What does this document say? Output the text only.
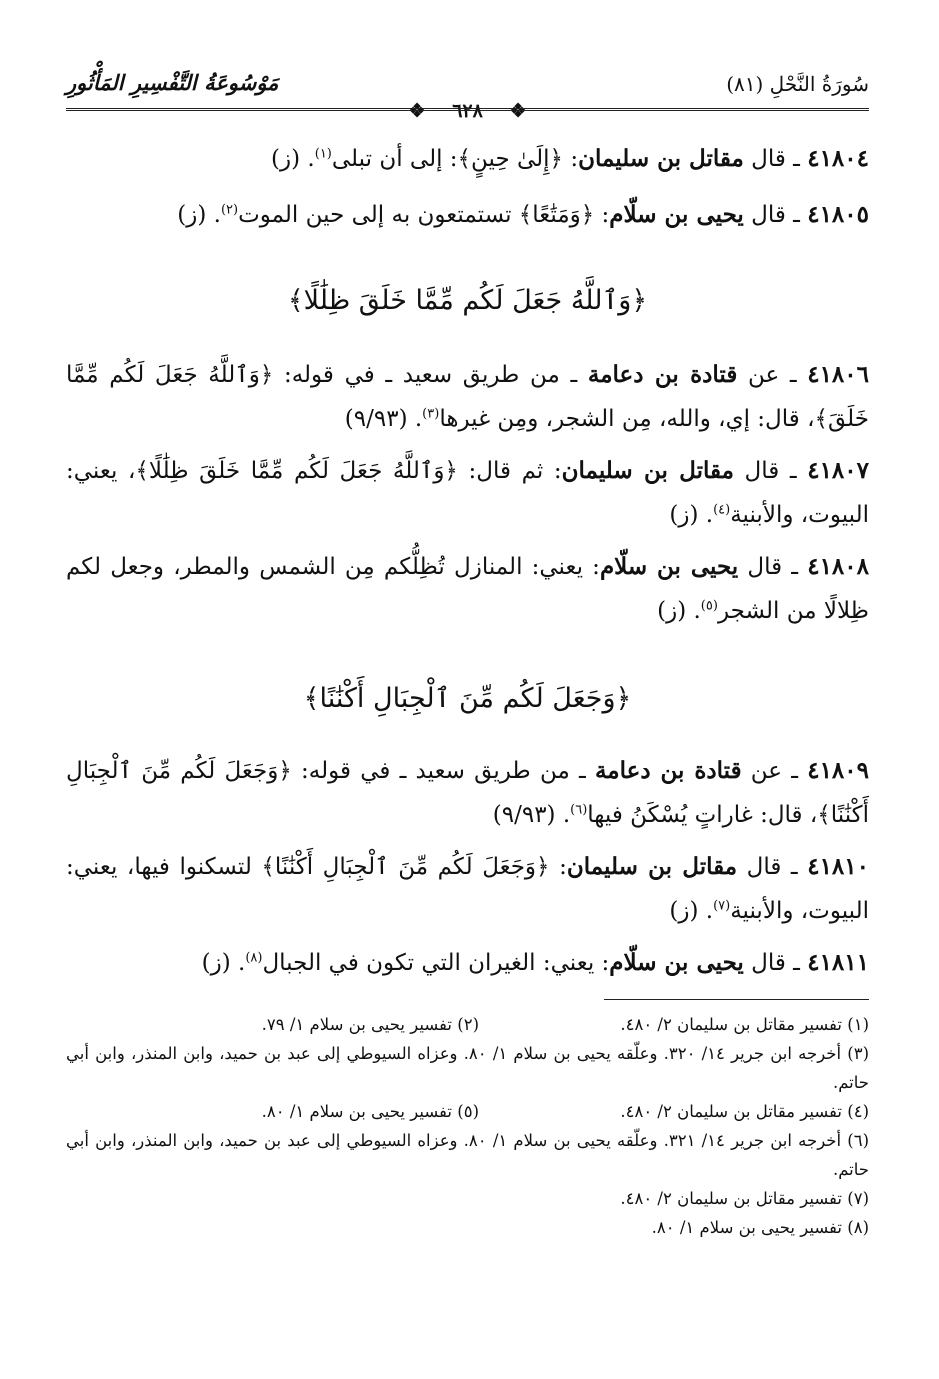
سُورَةُ النَّحْلِ (٨١)
مَوْسُوعَةُ التَّفْسِيرِ المَأْثُورِ
❖ ٦٢٨ ❖

٤١٨٠٤ ـ قال مقاتل بن سليمان: ﴿إِلَىٰ حِينٍ﴾: إلى أن تبلى$^{(١)}$. (ز)

٤١٨٠٥ ـ قال يحيى بن سلّام: ﴿وَمَتَٰعًا﴾ تستمتعون به إلى حين الموت$^{(٢)}$. (ز)

﴿وَٱللَّهُ جَعَلَ لَكُم مِّمَّا خَلَقَ ظِلَٰلًا﴾

٤١٨٠٦ ـ عن قتادة بن دعامة ـ من طريق سعيد ـ في قوله: ﴿وَٱللَّهُ جَعَلَ لَكُم مِّمَّا خَلَقَ﴾، قال: إي، والله، مِن الشجر، ومِن غيرها$^{(٣)}$. (٩/٩٣)

٤١٨٠٧ ـ قال مقاتل بن سليمان: ثم قال: ﴿وَٱللَّهُ جَعَلَ لَكُم مِّمَّا خَلَقَ ظِلَٰلًا﴾، يعني: البيوت، والأبنية$^{(٤)}$. (ز)

٤١٨٠٨ ـ قال يحيى بن سلّام: يعني: المنازل تُظِلُّكم مِن الشمس والمطر، وجعل لكم ظِلالًا من الشجر$^{(٥)}$. (ز)

﴿وَجَعَلَ لَكُم مِّنَ ٱلْجِبَالِ أَكْنَٰنًا﴾

٤١٨٠٩ ـ عن قتادة بن دعامة ـ من طريق سعيد ـ في قوله: ﴿وَجَعَلَ لَكُم مِّنَ ٱلْجِبَالِ أَكْنَٰنًا﴾، قال: غاراتٍ يُسْكَنُ فيها$^{(٦)}$. (٩/٩٣)

٤١٨١٠ ـ قال مقاتل بن سليمان: ﴿وَجَعَلَ لَكُم مِّنَ ٱلْجِبَالِ أَكْنَٰنًا﴾ لتسكنوا فيها، يعني: البيوت، والأبنية$^{(٧)}$. (ز)

٤١٨١١ ـ قال يحيى بن سلّام: يعني: الغيران التي تكون في الجبال$^{(٨)}$. (ز)

(١) تفسير مقاتل بن سليمان ٢/ ٤٨٠.
(٢) تفسير يحيى بن سلام ١/ ٧٩.
(٣) أخرجه ابن جرير ١٤/ ٣٢٠. وعلّقه يحيى بن سلام ١/ ٨٠. وعزاه السيوطي إلى عبد بن حميد، وابن المنذر، وابن أبي حاتم.
(٤) تفسير مقاتل بن سليمان ٢/ ٤٨٠.
(٥) تفسير يحيى بن سلام ١/ ٨٠.
(٦) أخرجه ابن جرير ١٤/ ٣٢١. وعلّقه يحيى بن سلام ١/ ٨٠. وعزاه السيوطي إلى عبد بن حميد، وابن المنذر، وابن أبي حاتم.
(٧) تفسير مقاتل بن سليمان ٢/ ٤٨٠.
(٨) تفسير يحيى بن سلام ١/ ٨٠.
